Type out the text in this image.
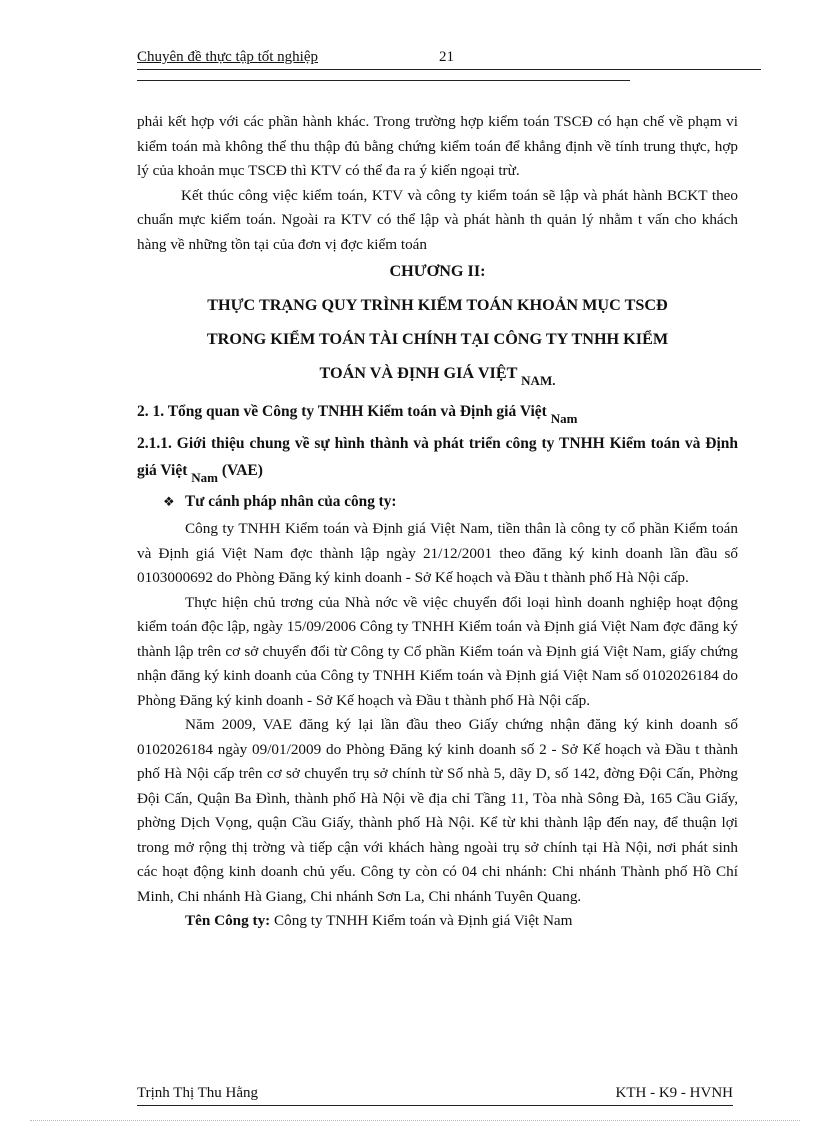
Chuyên đề thực tập tốt nghiệp	21

phải kết hợp với các phần hành khác. Trong trường hợp kiểm toán TSCĐ có hạn chế về phạm vi kiểm toán mà không thể thu thập đủ bằng chứng kiểm toán để khẳng định về tính trung thực, hợp lý của khoản mục TSCĐ thì KTV có thể đa ra ý kiến ngoại trừ.

Kết thúc công việc kiểm toán, KTV và công ty kiểm toán sẽ lập và phát hành BCKT theo chuẩn mực kiểm toán. Ngoài ra KTV có thể lập và phát hành th quản lý nhằm t vấn cho khách hàng về những tồn tại của đơn vị đợc kiểm toán

CHƯƠNG II:

THỰC TRẠNG QUY TRÌNH KIỂM TOÁN KHOẢN MỤC TSCĐ

TRONG KIỂM TOÁN TÀI CHÍNH TẠI CÔNG TY TNHH KIỂM

TOÁN VÀ ĐỊNH GIÁ VIỆT $_{NAM.}$

2. 1. Tổng quan về Công ty TNHH Kiểm toán và Định giá Việt $_{Nam}$

2.1.1. Giới thiệu chung về sự hình thành và phát triển công ty TNHH Kiểm toán và Định giá Việt $_{Nam}$ (VAE)

❖ Tư cánh pháp nhân của công ty:

Công ty TNHH Kiểm toán và Định giá Việt Nam, tiền thân là công ty cổ phần Kiểm toán và Định giá Việt Nam đợc thành lập ngày 21/12/2001 theo đăng ký kinh doanh lần đầu số 0103000692 do Phòng Đăng ký kinh doanh - Sở Kế hoạch và Đầu t thành phố Hà Nội cấp.

Thực hiện chủ trơng của Nhà nớc về việc chuyển đổi loại hình doanh nghiệp hoạt động kiểm toán độc lập, ngày 15/09/2006 Công ty TNHH Kiểm toán và Định giá Việt Nam đợc đăng ký thành lập trên cơ sở chuyển đổi từ Công ty Cổ phần Kiểm toán và Định giá Việt Nam, giấy chứng nhận đăng ký kinh doanh của Công ty TNHH Kiểm toán và Định giá Việt Nam số 0102026184 do Phòng Đăng ký kinh doanh - Sở Kế hoạch và Đầu t thành phố Hà Nội cấp.

Năm 2009, VAE đăng ký lại lần đầu theo Giấy chứng nhận đăng ký kinh doanh số 0102026184 ngày 09/01/2009 do Phòng Đăng ký kinh doanh số 2 - Sở Kế hoạch và Đầu t thành phố Hà Nội cấp trên cơ sở chuyển trụ sở chính từ Số nhà 5, dãy D, số 142, đờng Đội Cấn, Phờng Đội Cấn, Quận Ba Đình, thành phố Hà Nội về địa chỉ Tầng 11, Tòa nhà Sông Đà, 165 Cầu Giấy, phờng Dịch Vọng, quận Cầu Giấy, thành phố Hà Nội. Kể từ khi thành lập đến nay, để thuận lợi trong mở rộng thị trờng và tiếp cận với khách hàng ngoài trụ sở chính tại Hà Nội, nơi phát sinh các hoạt động kinh doanh chủ yếu. Công ty còn có 04 chi nhánh: Chi nhánh Thành phố Hồ Chí Minh, Chi nhánh Hà Giang, Chi nhánh Sơn La, Chi nhánh Tuyên Quang.

Tên Công ty: Công ty TNHH Kiểm toán và Định giá Việt Nam

Trịnh Thị Thu Hằng	KTH - K9 - HVNH
